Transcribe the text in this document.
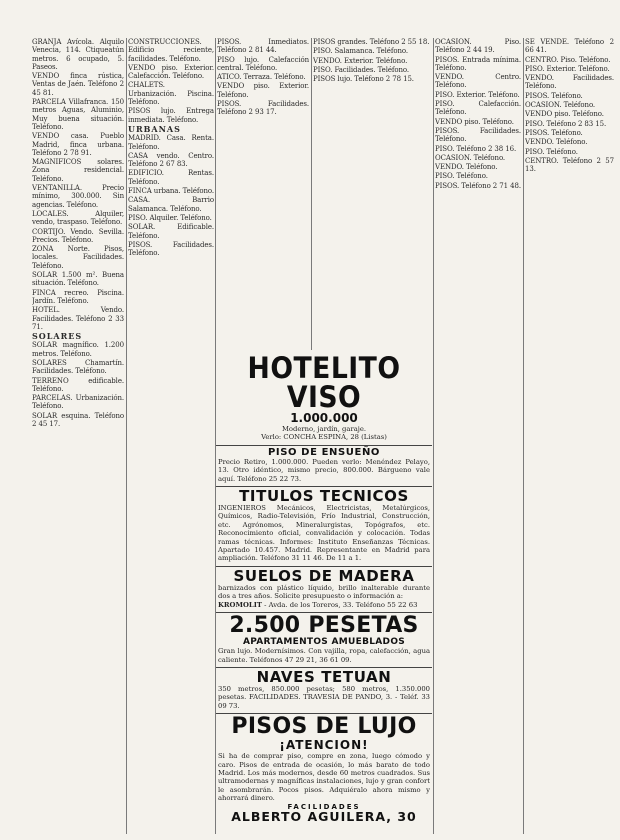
GRANJA Avícola. Alquilo Venecia, 114. Ctiqueatún metros. 6 ocupado, 5. Paseos.

VENDO finca rústica, Ventas de Jaén. Teléfono 2 45 81.

PARCELA Villafranca. 150 metros Aguas, Aluminio, Muy buena situación. Teléfono.

VENDO casa. Pueblo Madrid, finca urbana. Teléfono 2 78 91.

MAGNIFICOS solares. Zona residencial. Teléfono.

VENTANILLA. Precio mínimo, 300.000. Sin agencias. Teléfono.

LOCALES. Alquiler, vendo, traspaso. Teléfono.

CORTIJO. Vendo. Sevilla. Precios. Teléfono.

ZONA Norte. Pisos, locales. Facilidades. Teléfono.

SOLAR 1.500 m². Buena situación. Teléfono.

FINCA recreo. Piscina. Jardín. Teléfono.

HOTEL. Vendo. Facilidades. Teléfono 2 33 71.

SOLARES

SOLAR magnífico. 1.200 metros. Teléfono.

SOLARES Chamartín. Facilidades. Teléfono.

TERRENO edificable. Teléfono.

PARCELAS. Urbanización. Teléfono.

SOLAR esquina. Teléfono 2 45 17.

CONSTRUCCIONES. Edificio reciente, facilidades. Teléfono.

VENDO piso. Exterior. Calefacción. Teléfono.

CHALETS. Urbanización. Piscina. Teléfono.

PISOS lujo. Entrega inmediata. Teléfono.

URBANAS

MADRID. Casa. Renta. Teléfono.

CASA vendo. Centro. Teléfono 2 67 83.

EDIFICIO. Rentas. Teléfono.

FINCA urbana. Teléfono.

CASA. Barrio Salamanca. Teléfono.

PISO. Alquiler. Teléfono.

SOLAR. Edificable. Teléfono.

PISOS. Facilidades. Teléfono.

PISOS. Inmediatos. Teléfono 2 81 44.

PISO lujo. Calefacción central. Teléfono.

ATICO. Terraza. Teléfono.

VENDO piso. Exterior. Teléfono.

PISOS. Facilidades. Teléfono 2 93 17.

PISOS grandes. Teléfono 2 55 18.

PISO. Salamanca. Teléfono.

VENDO. Exterior. Teléfono.

PISO. Facilidades. Teléfono.

PISOS lujo. Teléfono 2 78 15.

OCASION. Piso. Teléfono 2 44 19.

PISOS. Entrada mínima. Teléfono.

VENDO. Centro. Teléfono.

PISO. Exterior. Teléfono.

PISO. Calefacción. Teléfono.

VENDO piso. Teléfono.

PISOS. Facilidades. Teléfono.

PISO. Teléfono 2 38 16.

OCASION. Teléfono.

VENDO. Teléfono.

PISO. Teléfono.

PISOS. Teléfono 2 71 48.

SE VENDE. Teléfono 2 66 41.

CENTRO. Piso. Teléfono.

PISO. Exterior. Teléfono.

VENDO. Facilidades. Teléfono.

PISOS. Teléfono.

OCASION. Teléfono.

VENDO piso. Teléfono.

PISO. Teléfono 2 83 15.

PISOS. Teléfono.

VENDO. Teléfono.

PISO. Teléfono.

CENTRO. Teléfono 2 57 13.

HOTELITO VISO
1.000.000
Moderno, jardín, garaje.
Verlo: CONCHA ESPINA, 28 (Listas)
PISO DE ENSUEÑO
Precio Retiro, 1.000.000. Pueden verlo: Menéndez Pelayo, 13. Otro idéntico, mismo precio, 800.000. Bárgueno vale aquí. Teléfono 25 22 73.
TITULOS TECNICOS
INGENIEROS Mecánicos, Electricistas, Metalúrgicos, Químicos, Radio-Televisión, Frío Industrial, Construcción, etc. Agrónomos, Mineralurgistas, Topógrafos, etc. Reconocimiento oficial, convalidación y colocación. Todas ramas técnicas. Informes: Instituto Enseñanzas Técnicas. Apartado 10.457. Madrid. Representante en Madrid para ampliación. Teléfono 31 11 46. De 11 a 1.
SUELOS DE MADERA
barnizados con plástico líquido, brillo inalterable durante dos a tres años. Solicite presupuesto o información a:
KROMOLIT - Avda. de los Toreros, 33. Teléfono 55 22 63
2.500 PESETAS
APARTAMENTOS AMUEBLADOS
Gran lujo. Modernísimos. Con vajilla, ropa, calefacción, agua caliente. Teléfonos 47 29 21, 36 61 09.
NAVES TETUAN
350 metros, 850.000 pesetas; 580 metros, 1.350.000 pesetas. FACILIDADES. TRAVESIA DE PANDO, 3. - Teléf. 33 09 73.
PISOS DE LUJO
¡ATENCION!
Si ha de comprar piso, compre en zona, luego cómodo y caro. Pisos de entrada de ocasión, lo más barato de todo Madrid. Los más modernos, desde 60 metros cuadrados. Sus ultramodernas y magníficas instalaciones, lujo y gran confort le asombrarán. Pocos pisos. Adquiéralo ahora mismo y ahorrará dinero.
FACILIDADES
ALBERTO AGUILERA, 30
